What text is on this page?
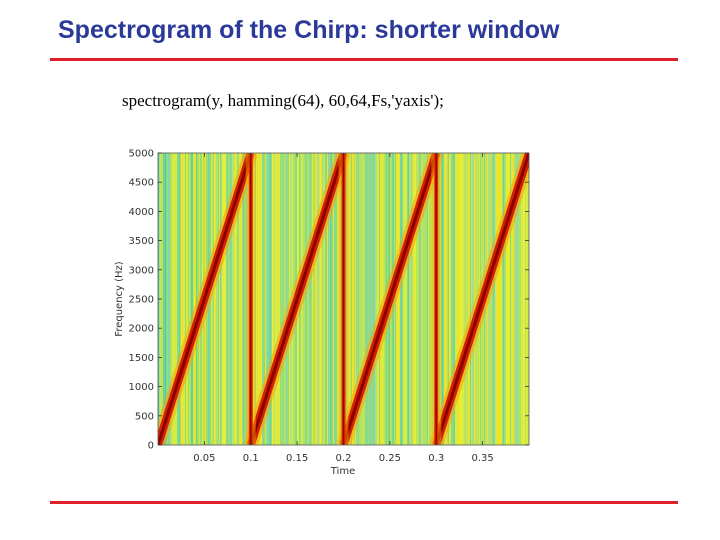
Spectrogram of the Chirp: shorter window
spectrogram(y, hamming(64), 60,64,Fs,'yaxis');
0
500
1000
1500
2000
2500
3000
3500
4000
4500
5000
0.05	0.1	0.15	0.2	0.25	0.3	0.35
Time
Frequency (Hz)
